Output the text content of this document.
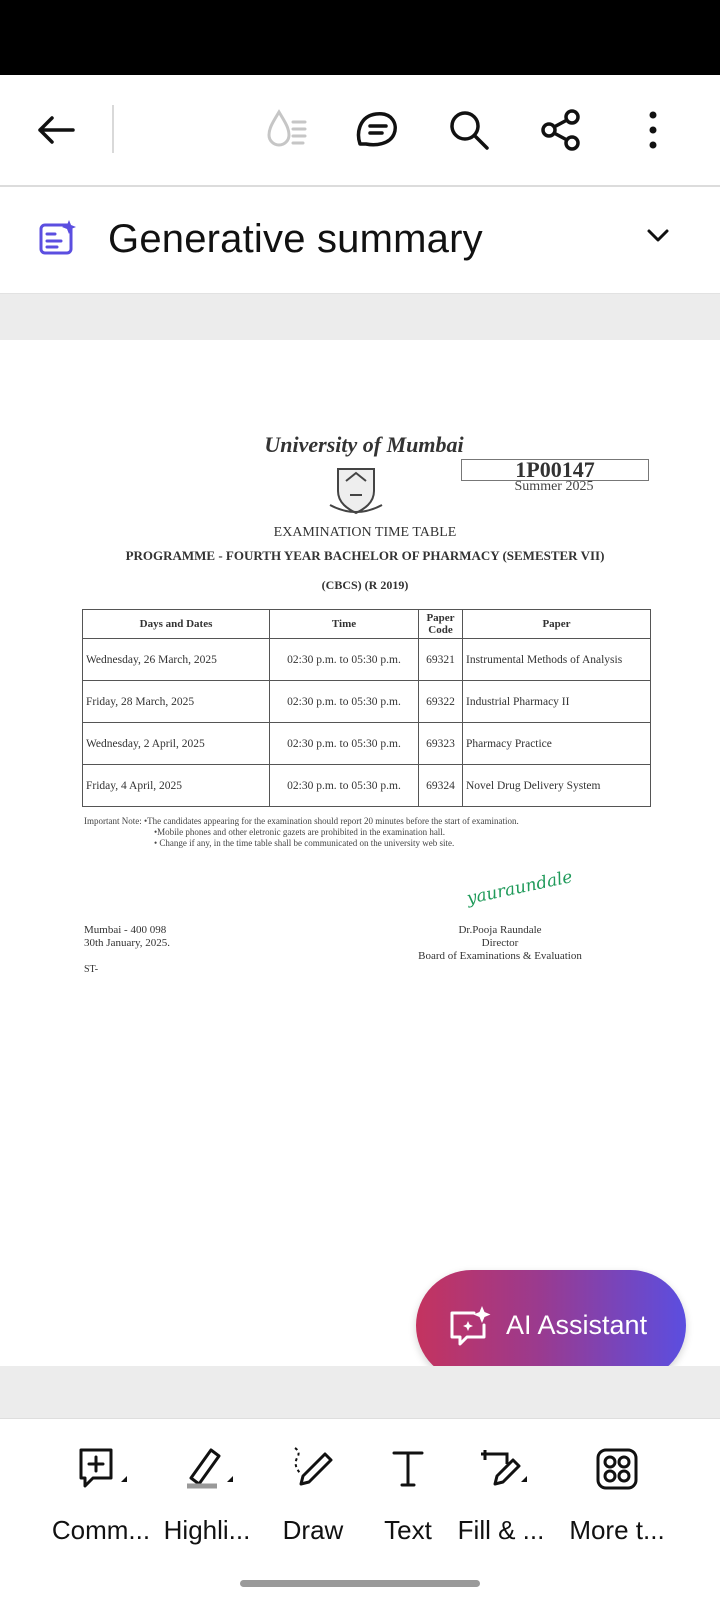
Generative summary
University of Mumbai
1P00147
Summer 2025
EXAMINATION TIME TABLE
PROGRAMME - FOURTH YEAR BACHELOR OF PHARMACY (SEMESTER VII)
(CBCS) (R 2019)
Days and Dates	Time	Paper Code	Paper
Wednesday, 26 March, 2025	02:30 p.m. to 05:30 p.m.	69321	Instrumental Methods of Analysis
Friday, 28 March, 2025	02:30 p.m. to 05:30 p.m.	69322	Industrial Pharmacy II
Wednesday, 2 April, 2025	02:30 p.m. to 05:30 p.m.	69323	Pharmacy Practice
Friday, 4 April, 2025	02:30 p.m. to 05:30 p.m.	69324	Novel Drug Delivery System
Important Note: •The candidates appearing for the examination should report 20 minutes before the start of examination.
•Mobile phones and other eletronic gazets are prohibited in the examination hall.
• Change if any, in the time table shall be communicated on the university web site.
yauraundale
Dr.Pooja Raundale
Director
Board of Examinations & Evaluation
Mumbai - 400 098
30th January, 2025.
ST-
AI Assistant
Comm... Highli...	Draw	Text Fill & ... More t...
